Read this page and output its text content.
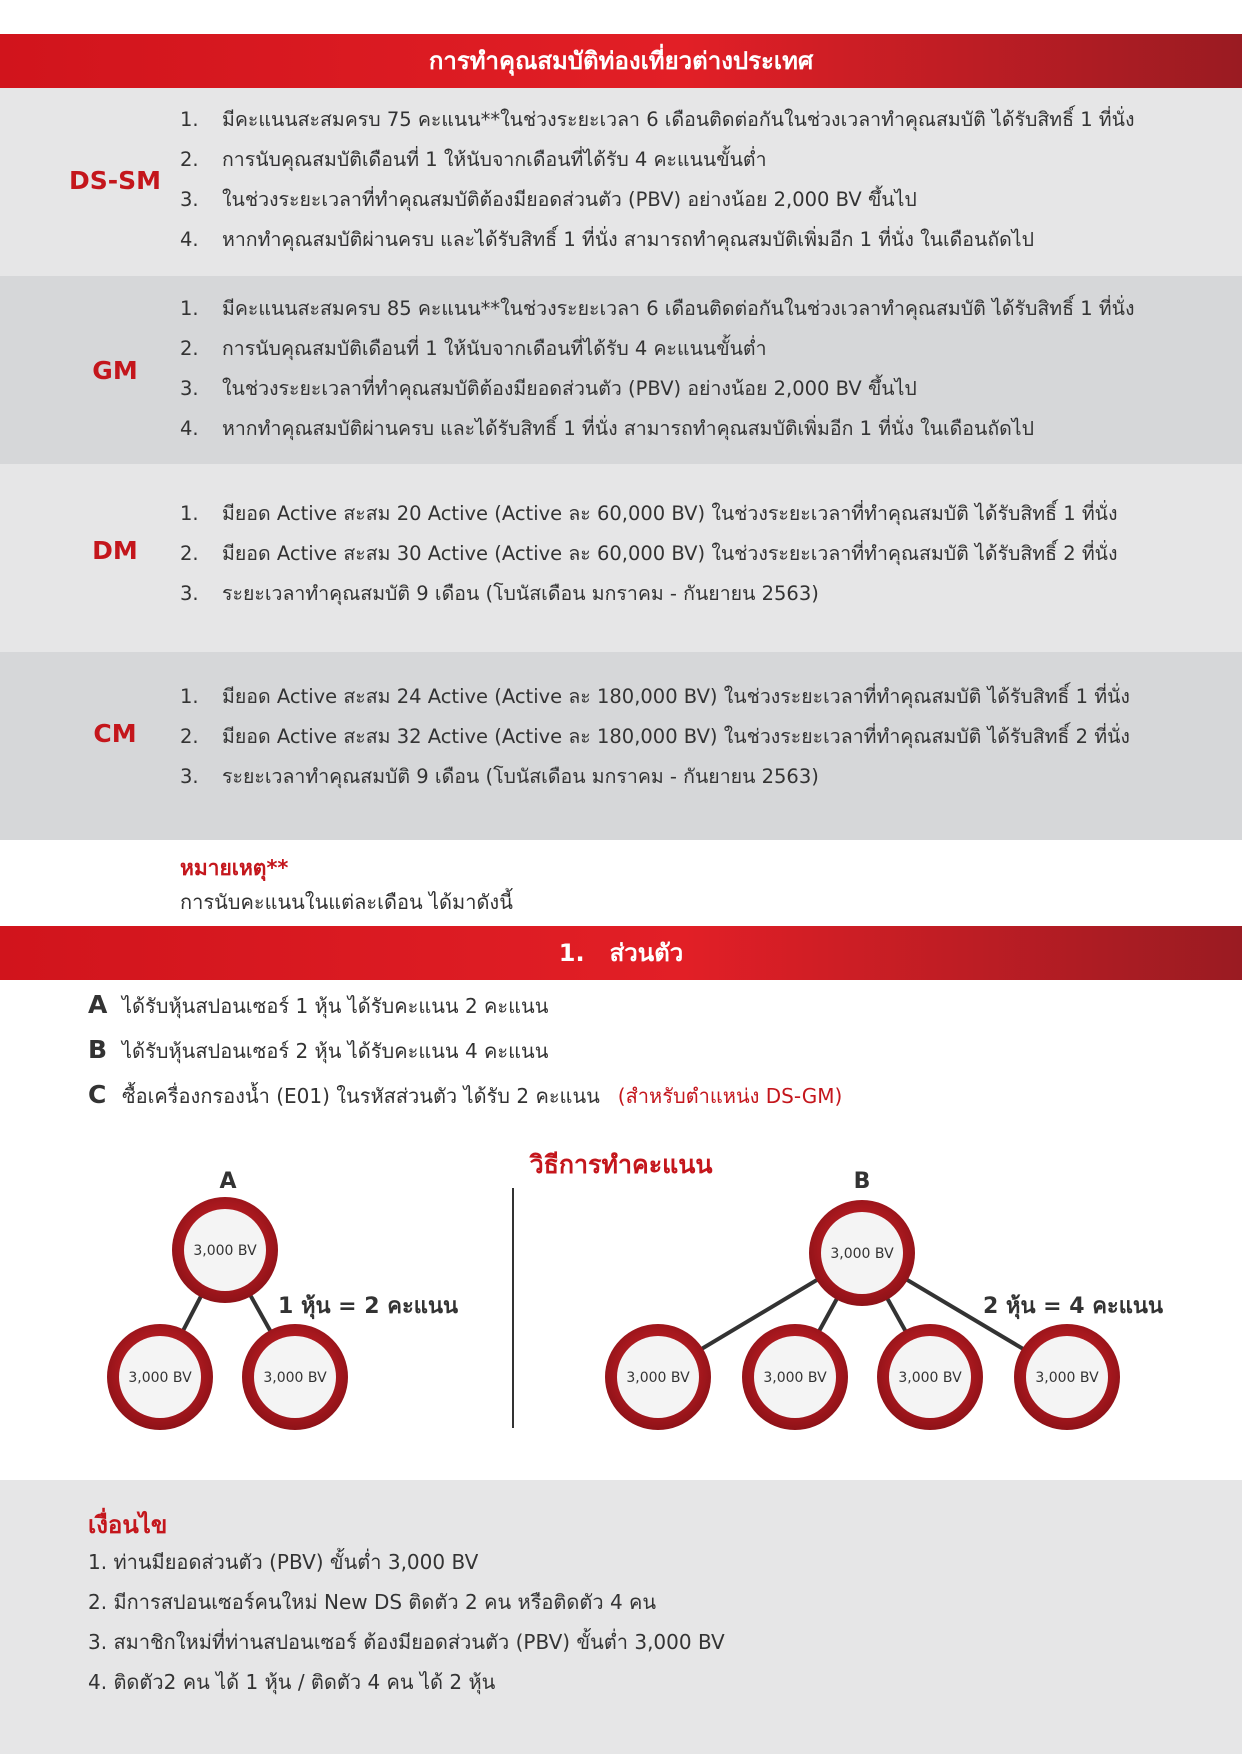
การทำคุณสมบัติท่องเที่ยวต่างประเทศ
DS-SM
1. มีคะแนนสะสมครบ 75 คะแนน**ในช่วงระยะเวลา 6 เดือนติดต่อกันในช่วงเวลาทำคุณสมบัติ ได้รับสิทธิ์ 1 ที่นั่ง
2. การนับคุณสมบัติเดือนที่ 1 ให้นับจากเดือนที่ได้รับ 4 คะแนนขั้นต่ำ
3. ในช่วงระยะเวลาที่ทำคุณสมบัติต้องมียอดส่วนตัว (PBV) อย่างน้อย 2,000 BV ขึ้นไป
4. หากทำคุณสมบัติผ่านครบ และได้รับสิทธิ์ 1 ที่นั่ง สามารถทำคุณสมบัติเพิ่มอีก 1 ที่นั่ง ในเดือนถัดไป
GM
1. มีคะแนนสะสมครบ 85 คะแนน**ในช่วงระยะเวลา 6 เดือนติดต่อกันในช่วงเวลาทำคุณสมบัติ ได้รับสิทธิ์ 1 ที่นั่ง
2. การนับคุณสมบัติเดือนที่ 1 ให้นับจากเดือนที่ได้รับ 4 คะแนนขั้นต่ำ
3. ในช่วงระยะเวลาที่ทำคุณสมบัติต้องมียอดส่วนตัว (PBV) อย่างน้อย 2,000 BV ขึ้นไป
4. หากทำคุณสมบัติผ่านครบ และได้รับสิทธิ์ 1 ที่นั่ง สามารถทำคุณสมบัติเพิ่มอีก 1 ที่นั่ง ในเดือนถัดไป
DM
1. มียอด Active สะสม 20 Active (Active ละ 60,000 BV) ในช่วงระยะเวลาที่ทำคุณสมบัติ ได้รับสิทธิ์ 1 ที่นั่ง
2. มียอด Active สะสม 30 Active (Active ละ 60,000 BV) ในช่วงระยะเวลาที่ทำคุณสมบัติ ได้รับสิทธิ์ 2 ที่นั่ง
3. ระยะเวลาทำคุณสมบัติ 9 เดือน (โบนัสเดือน มกราคม - กันยายน 2563)
CM
1. มียอด Active สะสม 24 Active (Active ละ 180,000 BV) ในช่วงระยะเวลาที่ทำคุณสมบัติ ได้รับสิทธิ์ 1 ที่นั่ง
2. มียอด Active สะสม 32 Active (Active ละ 180,000 BV) ในช่วงระยะเวลาที่ทำคุณสมบัติ ได้รับสิทธิ์ 2 ที่นั่ง
3. ระยะเวลาทำคุณสมบัติ 9 เดือน (โบนัสเดือน มกราคม - กันยายน 2563)
หมายเหตุ**
การนับคะแนนในแต่ละเดือน ได้มาดังนี้
1.   ส่วนตัว
A ได้รับหุ้นสปอนเซอร์ 1 หุ้น ได้รับคะแนน 2 คะแนน
B ได้รับหุ้นสปอนเซอร์ 2 หุ้น ได้รับคะแนน 4 คะแนน
C ซื้อเครื่องกรองน้ำ (E01) ในรหัสส่วนตัว ได้รับ 2 คะแนน (สำหรับตำแหน่ง DS-GM)
วิธีการทำคะแนน
A
3,000 BV
3,000 BV	3,000 BV
1 หุ้น = 2 คะแนน
B
3,000 BV
3,000 BV	3,000 BV	3,000 BV	3,000 BV
2 หุ้น = 4 คะแนน
เงื่อนไข
1. ท่านมียอดส่วนตัว (PBV) ขั้นต่ำ 3,000 BV
2. มีการสปอนเซอร์คนใหม่ New DS ติดตัว 2 คน หรือติดตัว 4 คน
3. สมาชิกใหม่ที่ท่านสปอนเซอร์ ต้องมียอดส่วนตัว (PBV) ขั้นต่ำ 3,000 BV
4. ติดตัว2 คน ได้ 1 หุ้น / ติดตัว 4 คน ได้ 2 หุ้น
